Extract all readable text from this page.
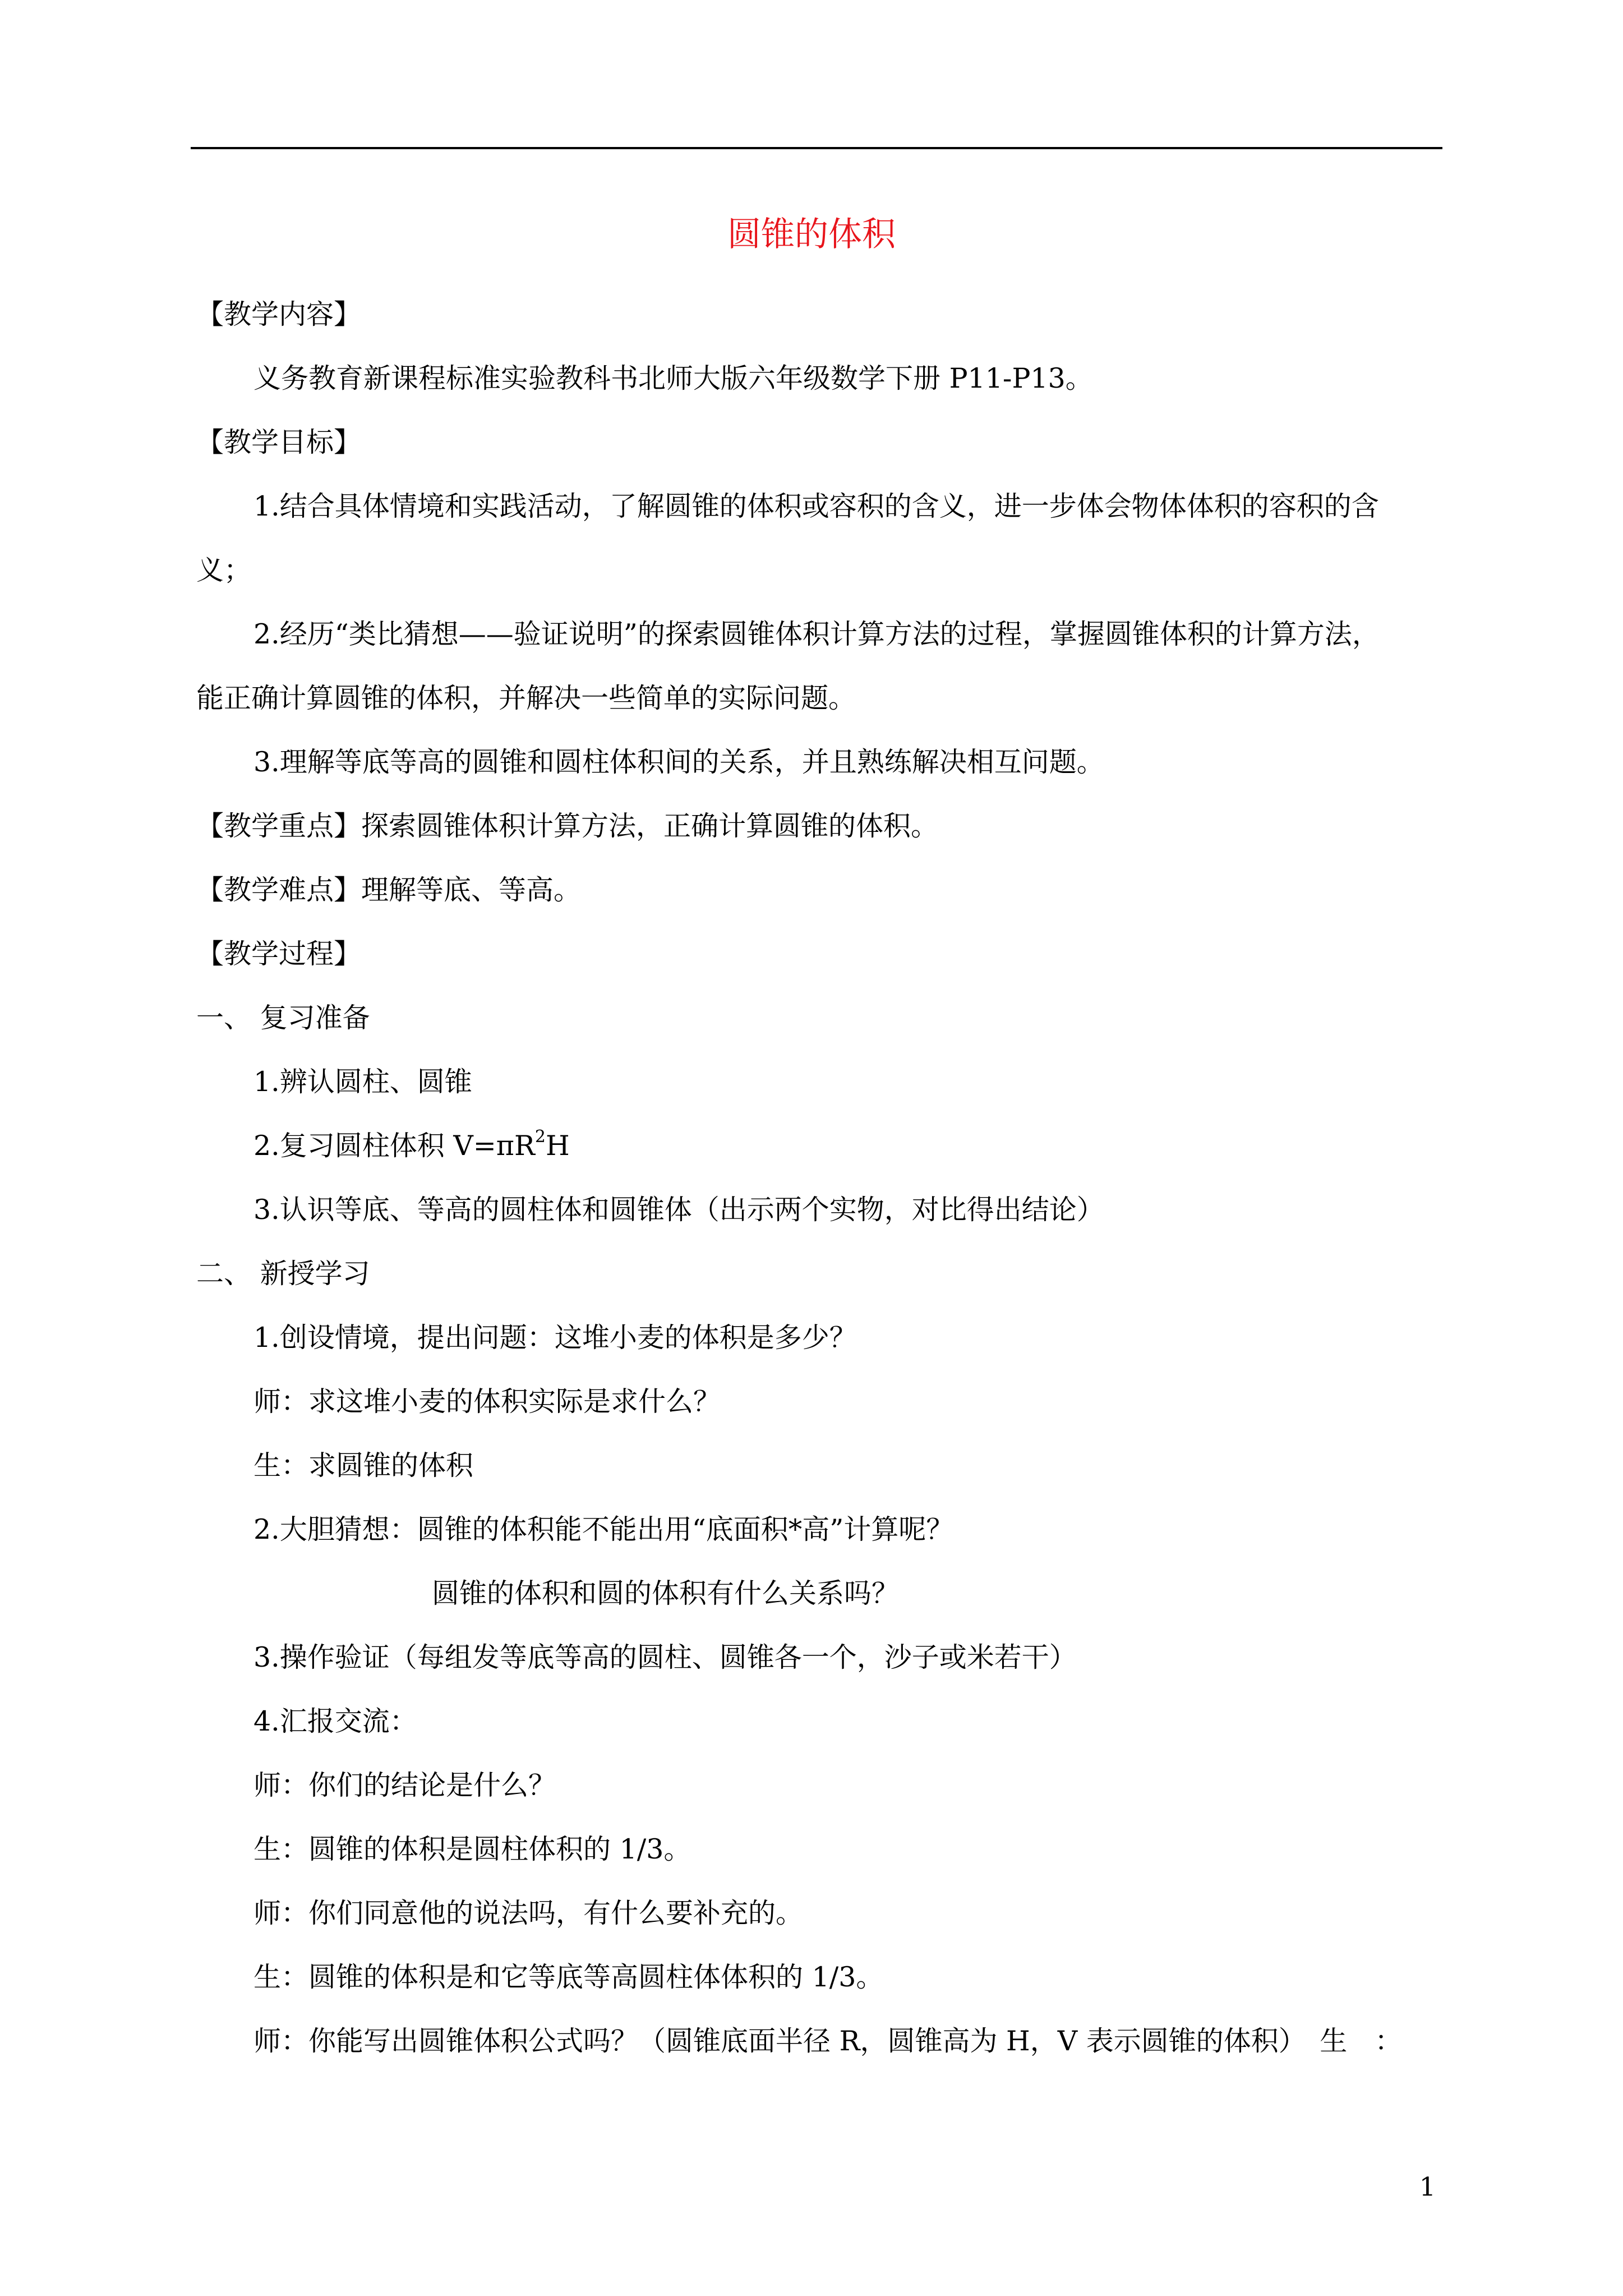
圆锥的体积
【教学内容】
义务教育新课程标准实验教科书北师大版六年级数学下册 P11-P13。
【教学目标】
1.结合具体情境和实践活动，了解圆锥的体积或容积的含义，进一步体会物体体积的容积的含
义；
2.经历“类比猜想——验证说明”的探索圆锥体积计算方法的过程，掌握圆锥体积的计算方法，
能正确计算圆锥的体积，并解决一些简单的实际问题。
3.理解等底等高的圆锥和圆柱体积间的关系，并且熟练解决相互问题。
【教学重点】探索圆锥体积计算方法，正确计算圆锥的体积。
【教学难点】理解等底、等高。
【教学过程】
一、 复习准备
1.辨认圆柱、圆锥
2.复习圆柱体积 $V=\pi R^2H$
3.认识等底、等高的圆柱体和圆锥体（出示两个实物，对比得出结论）
二、 新授学习
1.创设情境，提出问题：这堆小麦的体积是多少？
师：求这堆小麦的体积实际是求什么？
生：求圆锥的体积
2.大胆猜想：圆锥的体积能不能出用“底面积*高”计算呢？
圆锥的体积和圆的体积有什么关系吗？
3.操作验证（每组发等底等高的圆柱、圆锥各一个，沙子或米若干）
4.汇报交流：
师：你们的结论是什么？
生：圆锥的体积是圆柱体积的 1/3。
师：你们同意他的说法吗，有什么要补充的。
生：圆锥的体积是和它等底等高圆柱体体积的 1/3。
师：你能写出圆锥体积公式吗？（圆锥底面半径 R，圆锥高为 H，V 表示圆锥的体积）　生　：
1
